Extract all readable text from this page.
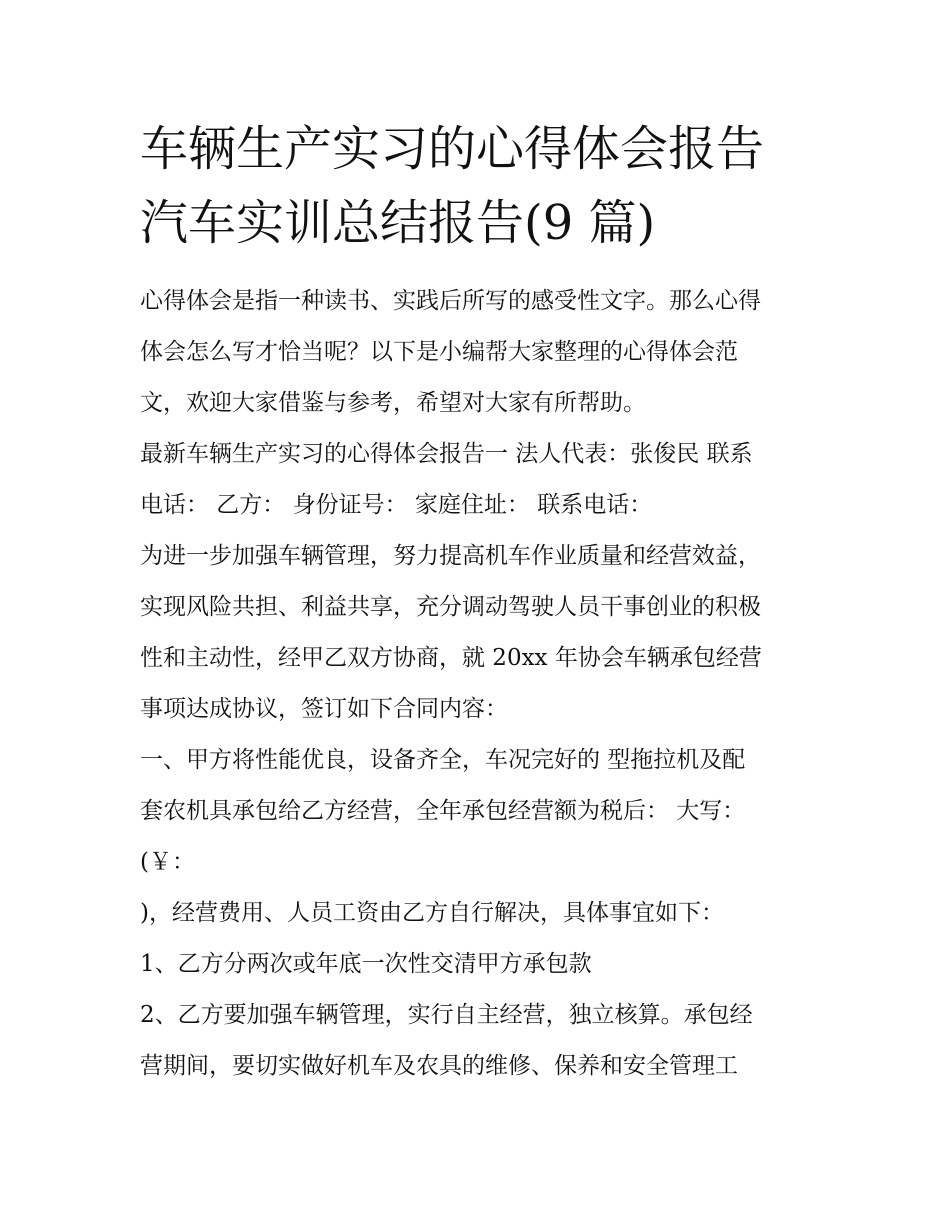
车辆生产实习的心得体会报告
汽车实训总结报告(9 篇)
心得体会是指一种读书、实践后所写的感受性文字。那么心得
体会怎么写才恰当呢？以下是小编帮大家整理的心得体会范
文，欢迎大家借鉴与参考，希望对大家有所帮助。
最新车辆生产实习的心得体会报告一 法人代表：张俊民 联系
电话： 乙方： 身份证号： 家庭住址： 联系电话：
为进一步加强车辆管理，努力提高机车作业质量和经营效益，
实现风险共担、利益共享，充分调动驾驶人员干事创业的积极
性和主动性，经甲乙双方协商，就 20xx 年协会车辆承包经营
事项达成协议，签订如下合同内容：
一、甲方将性能优良，设备齐全，车况完好的 型拖拉机及配
套农机具承包给乙方经营，全年承包经营额为税后： 大写：
(￥：
)，经营费用、人员工资由乙方自行解决，具体事宜如下：
1、乙方分两次或年底一次性交清甲方承包款
2、乙方要加强车辆管理，实行自主经营，独立核算。承包经
营期间，要切实做好机车及农具的维修、保养和安全管理工
